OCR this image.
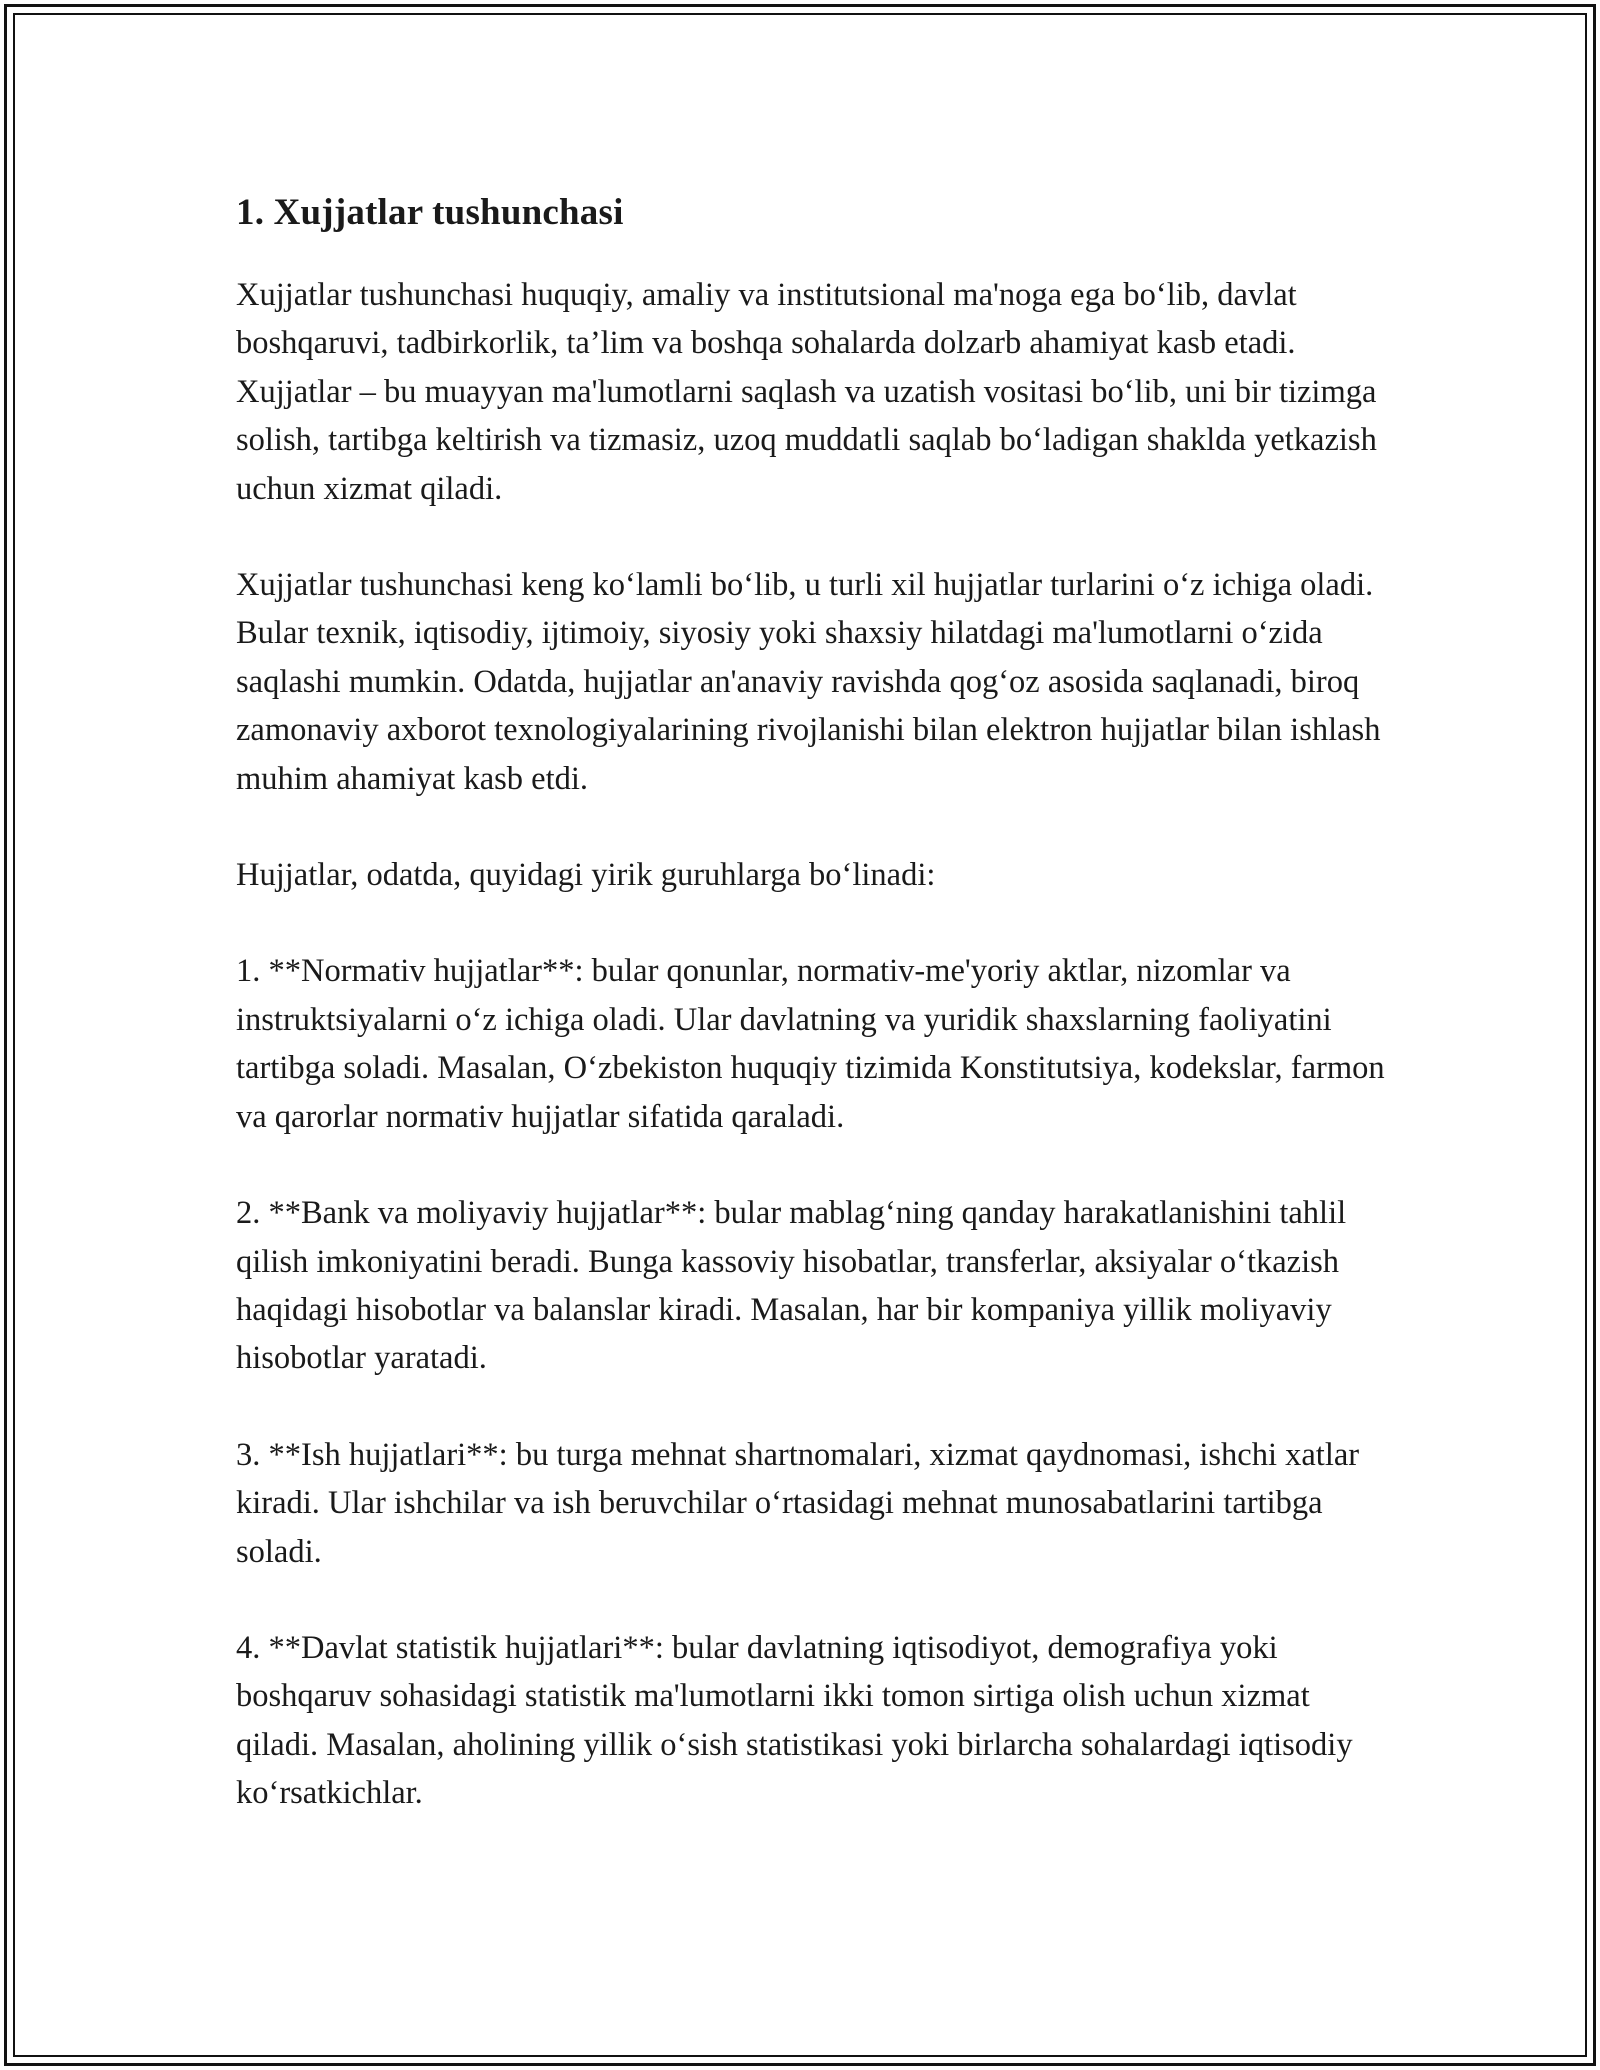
1. Xujjatlar tushunchasi

Xujjatlar tushunchasi huquqiy, amaliy va institutsional ma'noga ega bo‘lib, davlat boshqaruvi, tadbirkorlik, ta’lim va boshqa sohalarda dolzarb ahamiyat kasb etadi. Xujjatlar – bu muayyan ma'lumotlarni saqlash va uzatish vositasi bo‘lib, uni bir tizimga solish, tartibga keltirish va tizmasiz, uzoq muddatli saqlab bo‘ladigan shaklda yetkazish uchun xizmat qiladi.

Xujjatlar tushunchasi keng ko‘lamli bo‘lib, u turli xil hujjatlar turlarini o‘z ichiga oladi. Bular texnik, iqtisodiy, ijtimoiy, siyosiy yoki shaxsiy hilatdagi ma'lumotlarni o‘zida saqlashi mumkin. Odatda, hujjatlar an'anaviy ravishda qog‘oz asosida saqlanadi, biroq zamonaviy axborot texnologiyalarining rivojlanishi bilan elektron hujjatlar bilan ishlash muhim ahamiyat kasb etdi.

Hujjatlar, odatda, quyidagi yirik guruhlarga bo‘linadi:

1. **Normativ hujjatlar**: bular qonunlar, normativ-me'yoriy aktlar, nizomlar va instruktsiyalarni o‘z ichiga oladi. Ular davlatning va yuridik shaxslarning faoliyatini tartibga soladi. Masalan, O‘zbekiston huquqiy tizimida Konstitutsiya, kodekslar, farmon va qarorlar normativ hujjatlar sifatida qaraladi.

2. **Bank va moliyaviy hujjatlar**: bular mablag‘ning qanday harakatlanishini tahlil qilish imkoniyatini beradi. Bunga kassoviy hisobatlar, transferlar, aksiyalar o‘tkazish haqidagi hisobotlar va balanslar kiradi. Masalan, har bir kompaniya yillik moliyaviy hisobotlar yaratadi.

3. **Ish hujjatlari**: bu turga mehnat shartnomalari, xizmat qaydnomasi, ishchi xatlar kiradi. Ular ishchilar va ish beruvchilar o‘rtasidagi mehnat munosabatlarini tartibga soladi.

4. **Davlat statistik hujjatlari**: bular davlatning iqtisodiyot, demografiya yoki boshqaruv sohasidagi statistik ma'lumotlarni ikki tomon sirtiga olish uchun xizmat qiladi. Masalan, aholining yillik o‘sish statistikasi yoki birlarcha sohalardagi iqtisodiy ko‘rsatkichlar.
